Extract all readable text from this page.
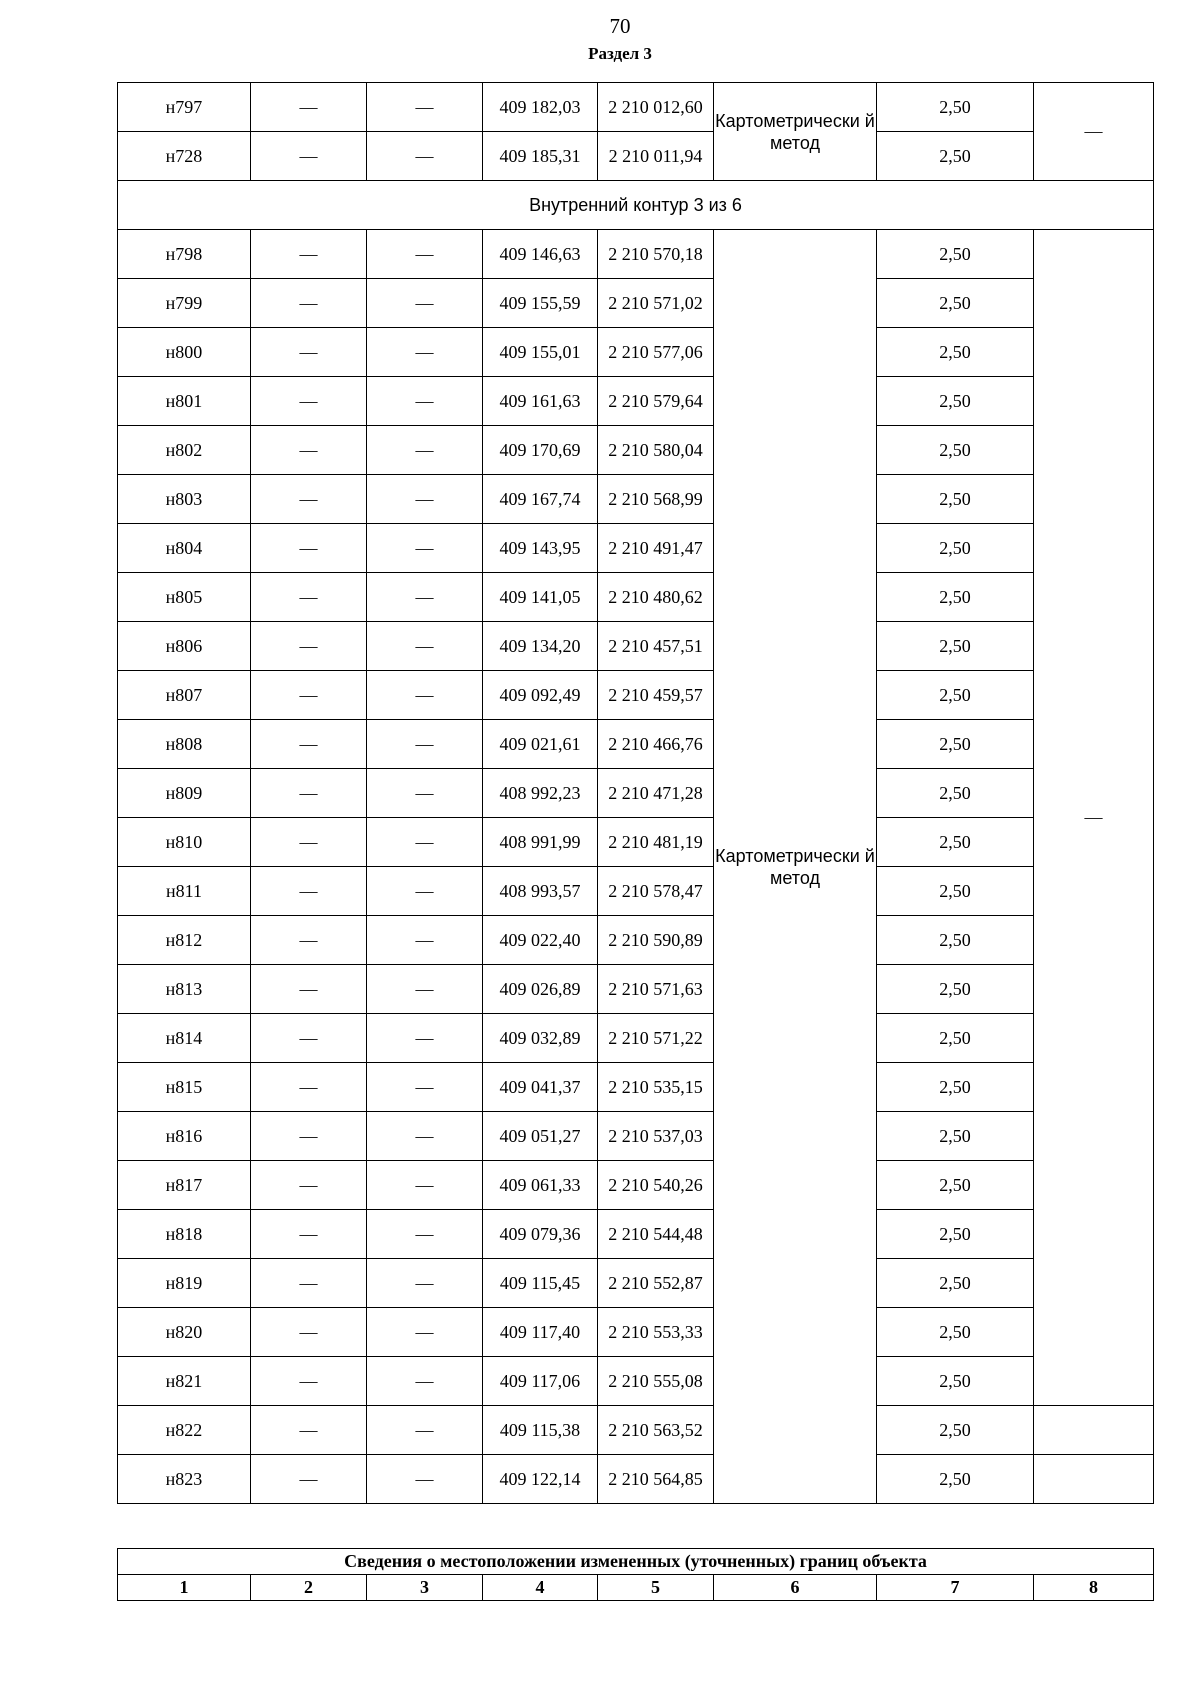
70
Раздел 3
н797	—	—	409 182,03	2 210 012,60	Картометрически й метод	2,50	—
н728	—	—	409 185,31	2 210 011,94		2,50	
Внутренний контур 3 из 6							
н798	—	—	409 146,63	2 210 570,18	Картометрически й метод	2,50	—
н799	—	—	409 155,59	2 210 571,02		2,50	
н800	—	—	409 155,01	2 210 577,06		2,50	
н801	—	—	409 161,63	2 210 579,64		2,50	
н802	—	—	409 170,69	2 210 580,04		2,50	
н803	—	—	409 167,74	2 210 568,99		2,50	
н804	—	—	409 143,95	2 210 491,47		2,50	
н805	—	—	409 141,05	2 210 480,62		2,50	
н806	—	—	409 134,20	2 210 457,51		2,50	
н807	—	—	409 092,49	2 210 459,57		2,50	
н808	—	—	409 021,61	2 210 466,76		2,50	
н809	—	—	408 992,23	2 210 471,28		2,50	
н810	—	—	408 991,99	2 210 481,19		2,50	
н811	—	—	408 993,57	2 210 578,47		2,50	
н812	—	—	409 022,40	2 210 590,89		2,50	
н813	—	—	409 026,89	2 210 571,63		2,50	
н814	—	—	409 032,89	2 210 571,22		2,50	
н815	—	—	409 041,37	2 210 535,15		2,50	
н816	—	—	409 051,27	2 210 537,03		2,50	
н817	—	—	409 061,33	2 210 540,26		2,50	
н818	—	—	409 079,36	2 210 544,48		2,50	
н819	—	—	409 115,45	2 210 552,87		2,50	
н820	—	—	409 117,40	2 210 553,33		2,50	
н821	—	—	409 117,06	2 210 555,08		2,50	
н822	—	—	409 115,38	2 210 563,52		2,50	
н823	—	—	409 122,14	2 210 564,85		2,50	
Сведения о местоположении измененных (уточненных) границ объекта
1	2	3	4	5	6	7	8
